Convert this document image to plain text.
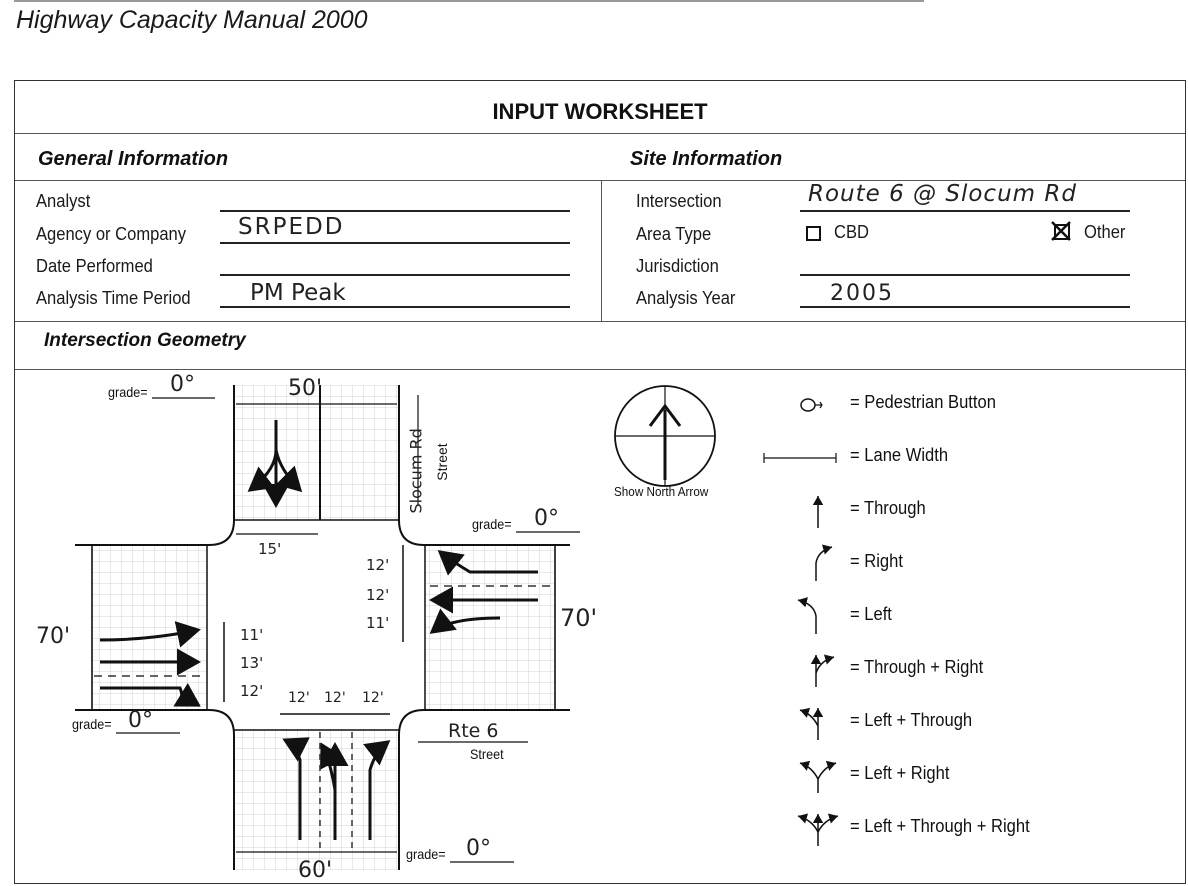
Highway Capacity Manual 2000
INPUT WORKSHEET
General Information
Analyst
Agency or Company SRPEDD
Date Performed
Analysis Time Period	PM Peak
Site Information
Intersection	Route 6 @ Slocum Rd
Area Type	CBD	Other
Jurisdiction
Analysis Year	2005
Intersection Geometry
grade= 0°
grade= 0°
grade= 0°
grade= 0°
50'
60'
70'
70'
15'
12'
12'
11'
11'
13'
12' 12' 12' 12'
Slocum Rd Street
Rte 6
Street
Show North Arrow
= Pedestrian Button
= Lane Width
= Through
= Right
= Left
= Through + Right
= Left + Through
= Left + Right
= Left + Through + Right
